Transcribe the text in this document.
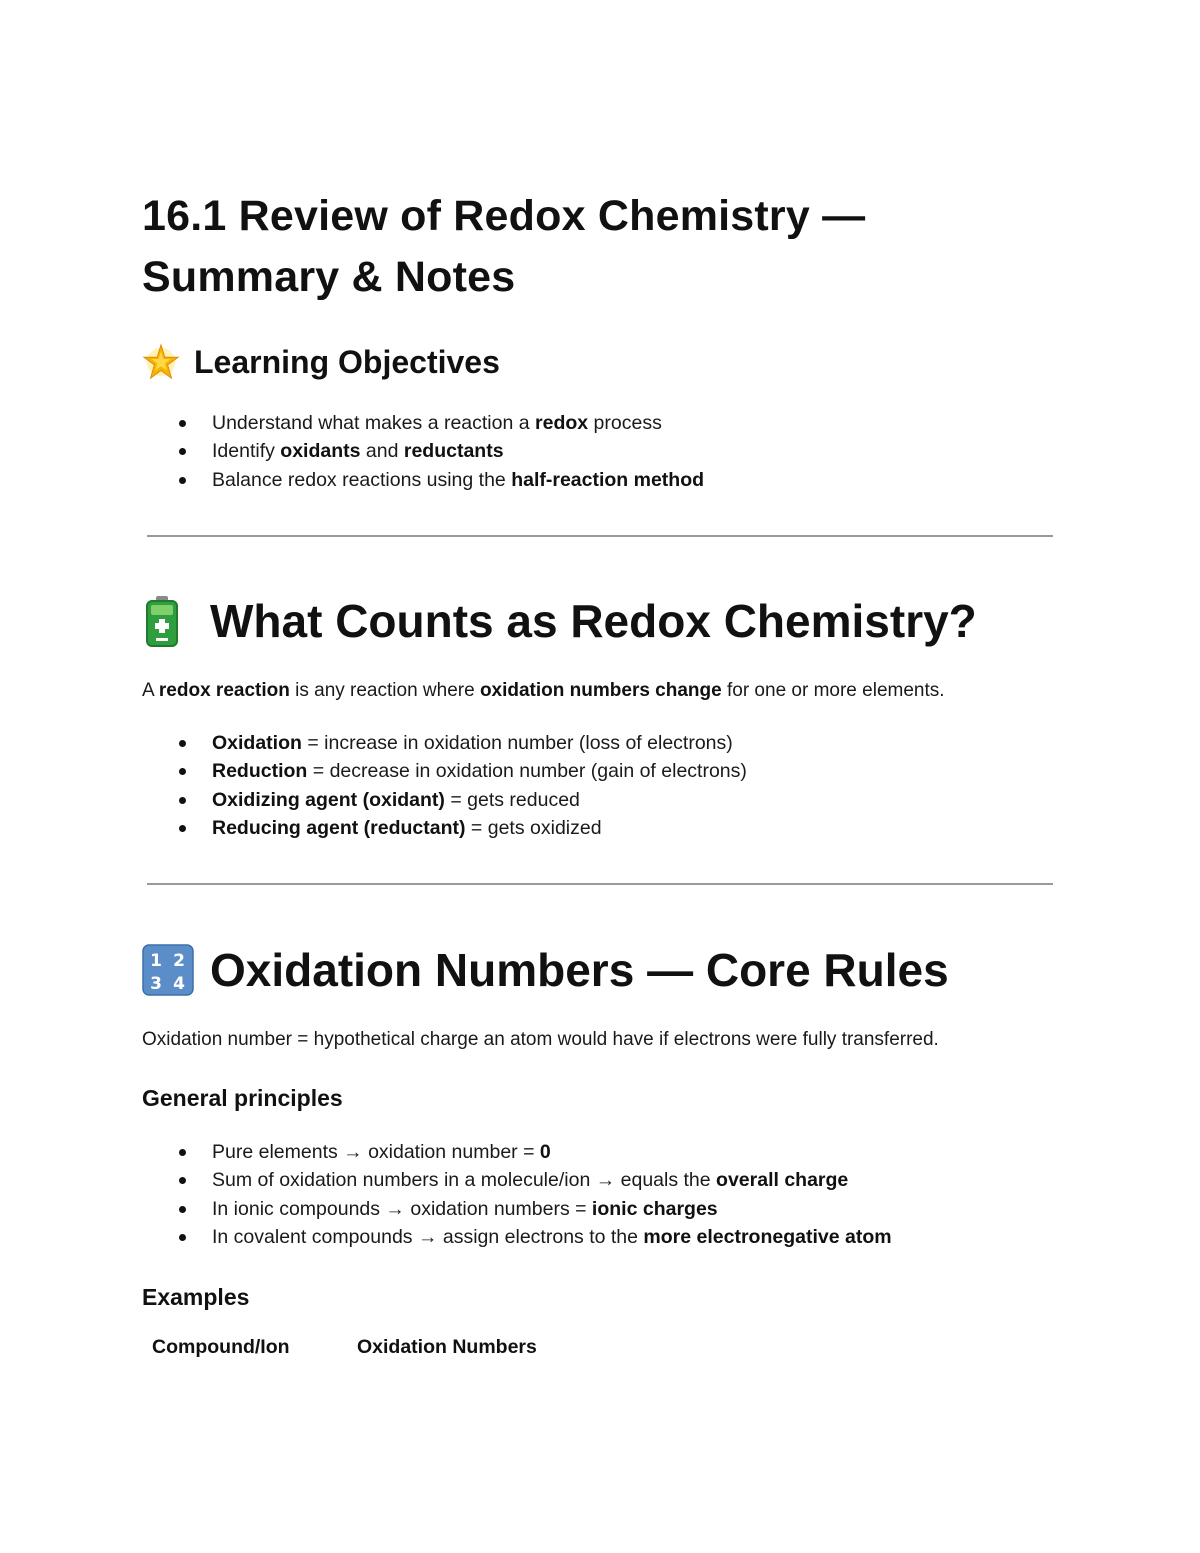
16.1 Review of Redox Chemistry — Summary & Notes
Learning Objectives
Understand what makes a reaction a redox process
Identify oxidants and reductants
Balance redox reactions using the half-reaction method
What Counts as Redox Chemistry?
A redox reaction is any reaction where oxidation numbers change for one or more elements.
Oxidation = increase in oxidation number (loss of electrons)
Reduction = decrease in oxidation number (gain of electrons)
Oxidizing agent (oxidant) = gets reduced
Reducing agent (reductant) = gets oxidized
1 2
3 4 Oxidation Numbers — Core Rules
Oxidation number = hypothetical charge an atom would have if electrons were fully transferred.
General principles
Pure elements → oxidation number = 0
Sum of oxidation numbers in a molecule/ion → equals the overall charge
In ionic compounds → oxidation numbers = ionic charges
In covalent compounds → assign electrons to the more electronegative atom
Examples
Compound/Ion	Oxidation Numbers
